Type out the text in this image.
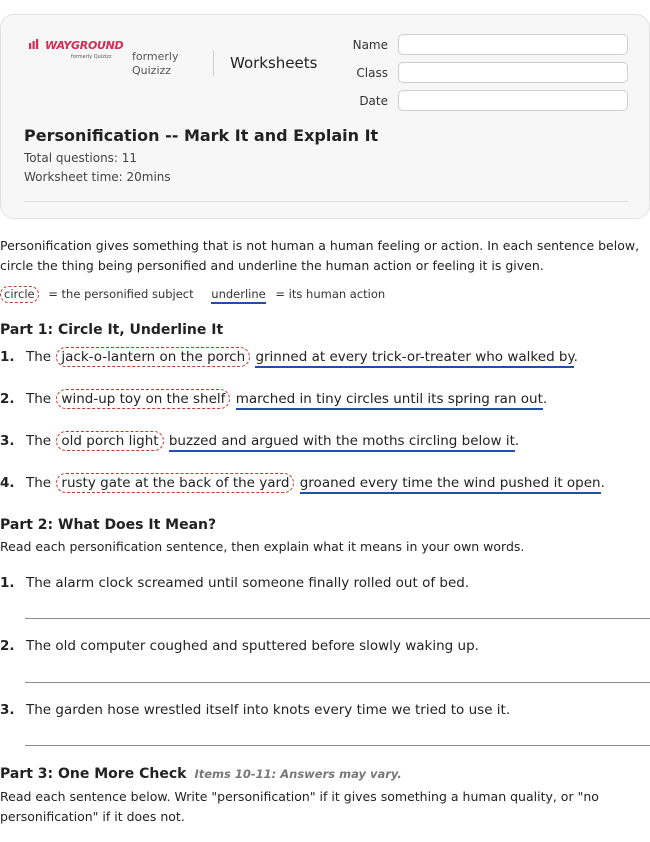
WAYGROUND
formerly Quizizz formerly Quizizz	Worksheets
Name
Class
Date
Personification -- Mark It and Explain It
Total questions: 11
Worksheet time: 20mins
Personification gives something that is not human a human feeling or action. In each sentence below, circle the thing being personified and underline the human action or feeling it is given.
circle = the personified subject underline = its human action
Part 1: Circle It, Underline It
1. The jack-o-lantern on the porch grinned at every trick-or-treater who walked by.
2. The wind-up toy on the shelf marched in tiny circles until its spring ran out.
3. The old porch light buzzed and argued with the moths circling below it.
4. The rusty gate at the back of the yard groaned every time the wind pushed it open.
Part 2: What Does It Mean?
Read each personification sentence, then explain what it means in your own words.
1. The alarm clock screamed until someone finally rolled out of bed.
2. The old computer coughed and sputtered before slowly waking up.
3. The garden hose wrestled itself into knots every time we tried to use it.
Part 3: One More Check Items 10-11: Answers may vary.
Read each sentence below. Write "personification" if it gives something a human quality, or "no personification" if it does not.
